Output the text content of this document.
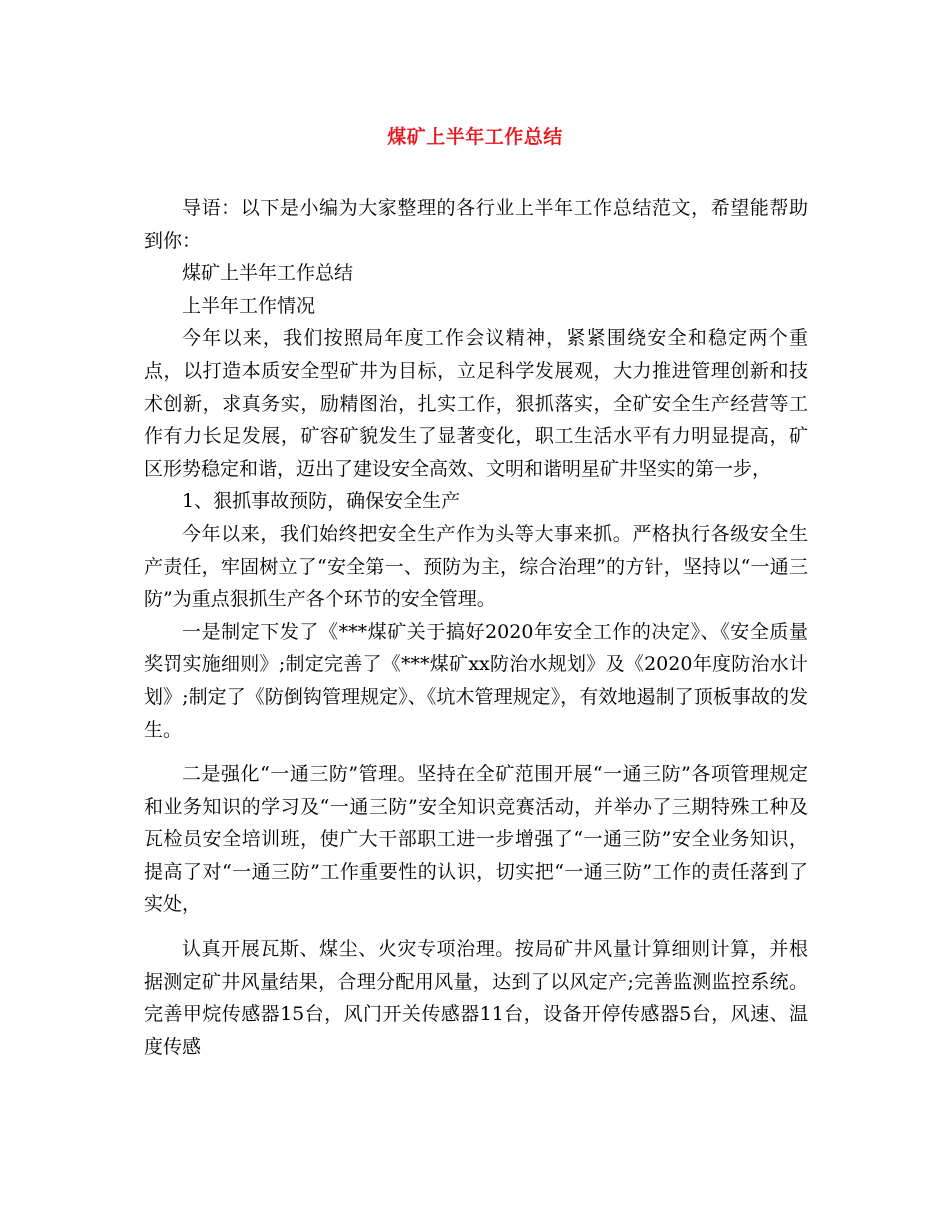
煤矿上半年工作总结

导语：以下是小编为大家整理的各行业上半年工作总结范文，希望能帮助到你：

煤矿上半年工作总结

上半年工作情况

今年以来，我们按照局年度工作会议精神，紧紧围绕安全和稳定两个重点，以打造本质安全型矿井为目标，立足科学发展观，大力推进管理创新和技术创新，求真务实，励精图治，扎实工作，狠抓落实，全矿安全生产经营等工作有力长足发展，矿容矿貌发生了显著变化，职工生活水平有力明显提高，矿区形势稳定和谐，迈出了建设安全高效、文明和谐明星矿井坚实的第一步，

1、狠抓事故预防，确保安全生产

今年以来，我们始终把安全生产作为头等大事来抓。严格执行各级安全生产责任，牢固树立了“安全第一、预防为主，综合治理”的方针，坚持以“一通三防”为重点狠抓生产各个环节的安全管理。

一是制定下发了《***煤矿关于搞好2020年安全工作的决定》、《安全质量奖罚实施细则》;制定完善了《***煤矿xx防治水规划》及《2020年度防治水计划》;制定了《防倒钩管理规定》、《坑木管理规定》，有效地遏制了顶板事故的发生。

二是强化“一通三防”管理。坚持在全矿范围开展“一通三防”各项管理规定和业务知识的学习及“一通三防”安全知识竞赛活动，并举办了三期特殊工种及瓦检员安全培训班，使广大干部职工进一步增强了“一通三防”安全业务知识，提高了对“一通三防”工作重要性的认识，切实把“一通三防”工作的责任落到了实处，

认真开展瓦斯、煤尘、火灾专项治理。按局矿井风量计算细则计算，并根据测定矿井风量结果，合理分配用风量，达到了以风定产;完善监测监控系统。完善甲烷传感器15台，风门开关传感器11台，设备开停传感器5台，风速、温度传感
